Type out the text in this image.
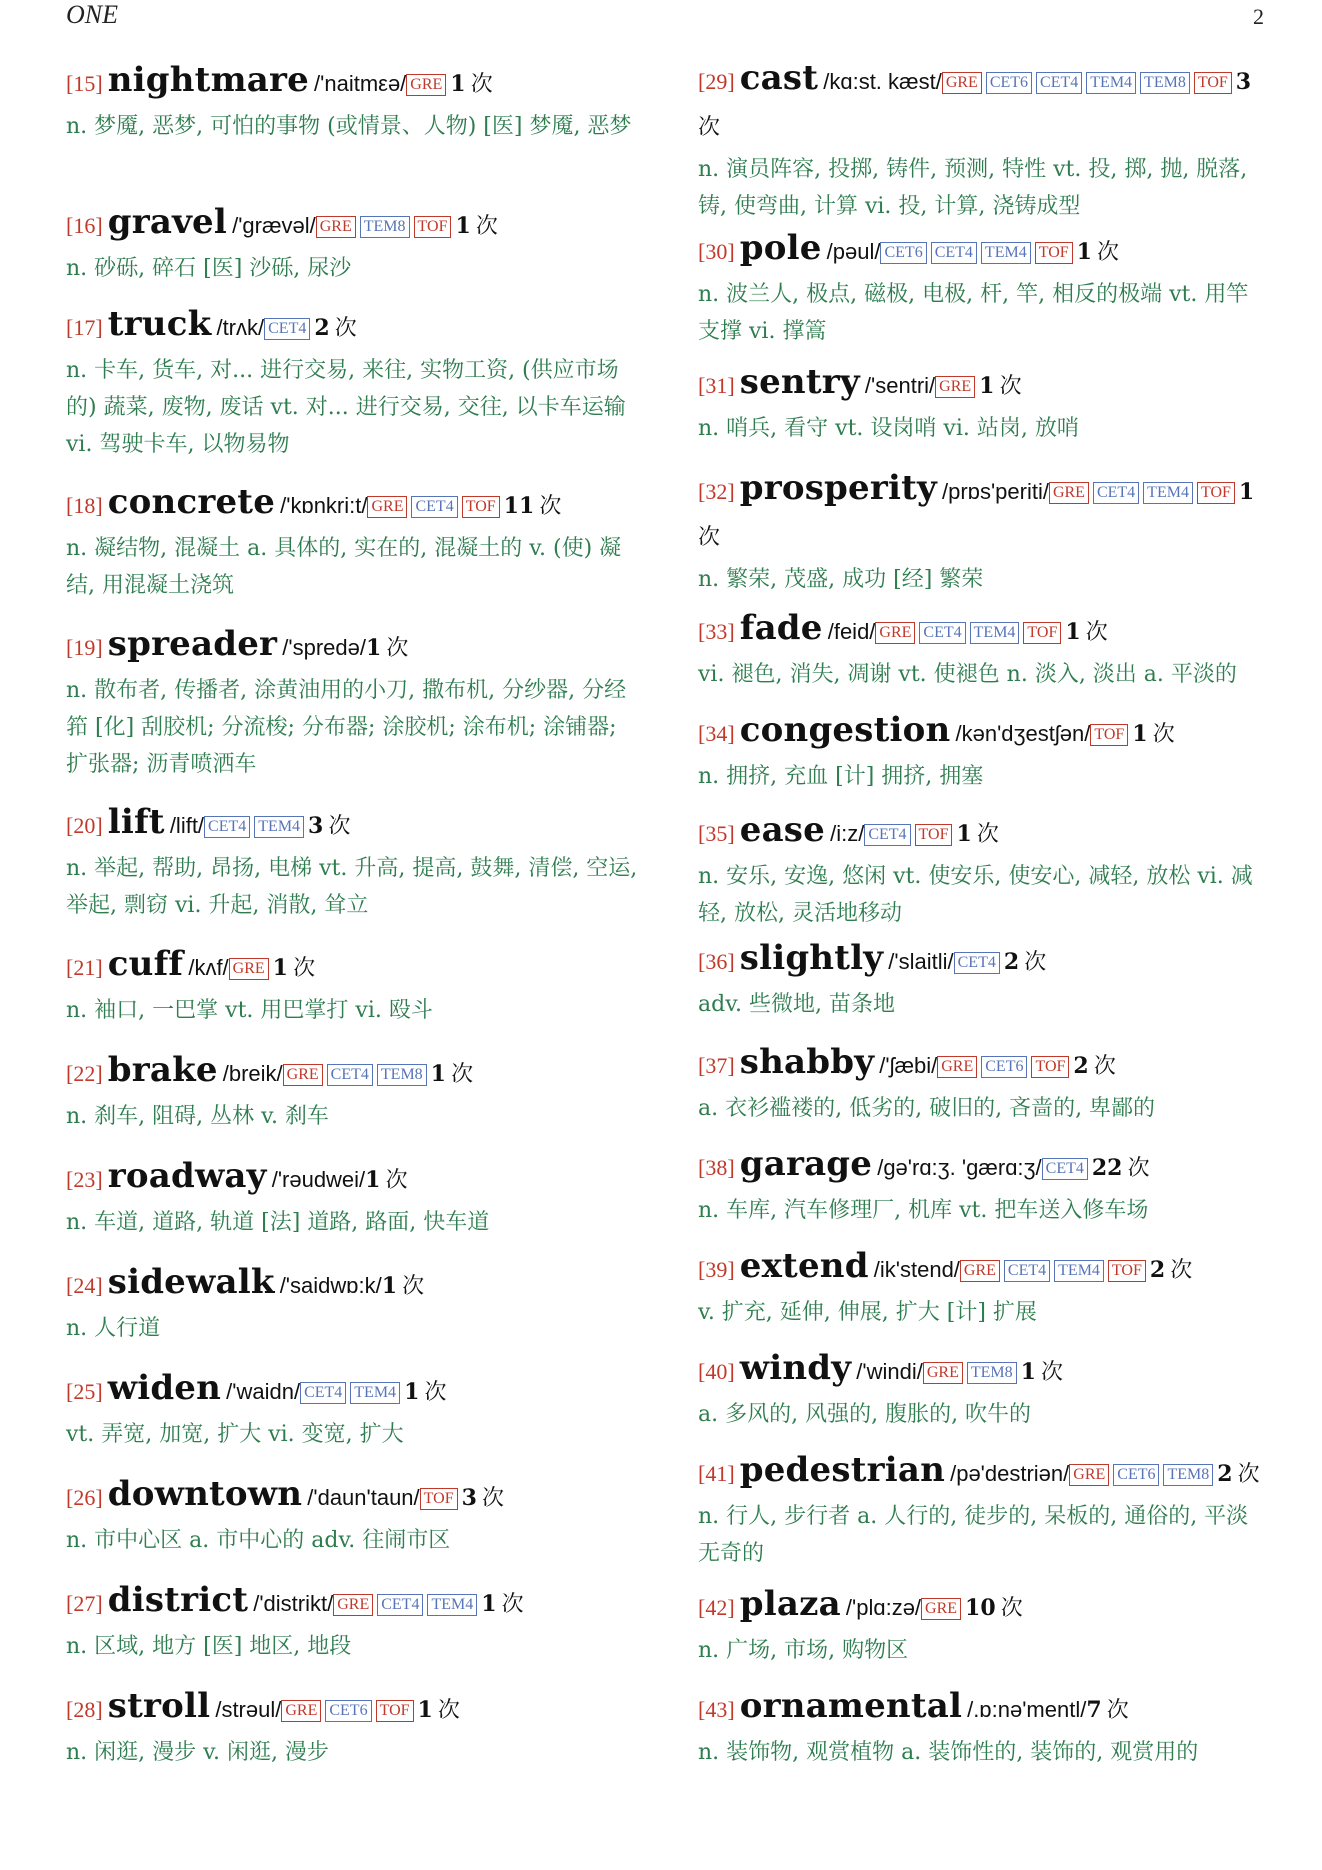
ONE	2
[15] nightmare /'naitmεə/ GRE 1 次
n. 梦魇, 恶梦, 可怕的事物 (或情景、人物) [医] 梦魇, 恶梦
[16] gravel /'grævəl/ GRE TEM8 TOF 1 次
n. 砂砾, 碎石 [医] 沙砾, 尿沙
[17] truck /trʌk/ CET4 2 次
n. 卡车, 货车, 对... 进行交易, 来往, 实物工资, (供应市场的) 蔬菜, 废物, 废话 vt. 对... 进行交易, 交往, 以卡车运输 vi. 驾驶卡车, 以物易物
[18] concrete /'kɒnkri:t/ GRE CET4 TOF 11 次
n. 凝结物, 混凝土 a. 具体的, 实在的, 混凝土的 v. (使) 凝结, 用混凝土浇筑
[19] spreader /'spredə/1 次
n. 散布者, 传播者, 涂黄油用的小刀, 撒布机, 分纱器, 分经筘 [化] 刮胶机; 分流梭; 分布器; 涂胶机; 涂布机; 涂铺器; 扩张器; 沥青喷洒车
[20] lift /lift/ CET4 TEM4 3 次
n. 举起, 帮助, 昂扬, 电梯 vt. 升高, 提高, 鼓舞, 清偿, 空运, 举起, 剽窃 vi. 升起, 消散, 耸立
[21] cuff /kʌf/ GRE 1 次
n. 袖口, 一巴掌 vt. 用巴掌打 vi. 殴斗
[22] brake /breik/ GRE CET4 TEM8 1 次
n. 刹车, 阻碍, 丛林 v. 刹车
[23] roadway /'rəudwei/1 次
n. 车道, 道路, 轨道 [法] 道路, 路面, 快车道
[24] sidewalk /'saidwɒ:k/1 次
n. 人行道
[25] widen /'waidn/ CET4 TEM4 1 次
vt. 弄宽, 加宽, 扩大 vi. 变宽, 扩大
[26] downtown /'daun'taun/ TOF 3 次
n. 市中心区 a. 市中心的 adv. 往闹市区
[27] district /'distrikt/ GRE CET4 TEM4 1 次
n. 区域, 地方 [医] 地区, 地段
[28] stroll /strəul/ GRE CET6 TOF 1 次
n. 闲逛, 漫步 v. 闲逛, 漫步
[29] cast /kɑ:st. kæst/ GRE CET6 CET4 TEM4 TEM8 TOF 3 次
n. 演员阵容, 投掷, 铸件, 预测, 特性 vt. 投, 掷, 抛, 脱落, 铸, 使弯曲, 计算 vi. 投, 计算, 浇铸成型
[30] pole /pəul/ CET6 CET4 TEM4 TOF 1 次
n. 波兰人, 极点, 磁极, 电极, 杆, 竿, 相反的极端 vt. 用竿支撑 vi. 撑篙
[31] sentry /'sentri/ GRE 1 次
n. 哨兵, 看守 vt. 设岗哨 vi. 站岗, 放哨
[32] prosperity /prɒs'periti/ GRE CET4 TEM4 TOF 1 次
n. 繁荣, 茂盛, 成功 [经] 繁荣
[33] fade /feid/ GRE CET4 TEM4 TOF 1 次
vi. 褪色, 消失, 凋谢 vt. 使褪色 n. 淡入, 淡出 a. 平淡的
[34] congestion /kən'dʒestʃən/ TOF 1 次
n. 拥挤, 充血 [计] 拥挤, 拥塞
[35] ease /i:z/ CET4 TOF 1 次
n. 安乐, 安逸, 悠闲 vt. 使安乐, 使安心, 减轻, 放松 vi. 减轻, 放松, 灵活地移动
[36] slightly /'slaitli/ CET4 2 次
adv. 些微地, 苗条地
[37] shabby /'ʃæbi/ GRE CET6 TOF 2 次
a. 衣衫褴褛的, 低劣的, 破旧的, 吝啬的, 卑鄙的
[38] garage /gə'rɑ:ʒ. 'gærɑ:ʒ/ CET4 22 次
n. 车库, 汽车修理厂, 机库 vt. 把车送入修车场
[39] extend /ik'stend/ GRE CET4 TEM4 TOF 2 次
v. 扩充, 延伸, 伸展, 扩大 [计] 扩展
[40] windy /'windi/ GRE TEM8 1 次
a. 多风的, 风强的, 腹胀的, 吹牛的
[41] pedestrian /pə'destriən/ GRE CET6 TEM8 2 次
n. 行人, 步行者 a. 人行的, 徒步的, 呆板的, 通俗的, 平淡无奇的
[42] plaza /'plɑ:zə/ GRE 10 次
n. 广场, 市场, 购物区
[43] ornamental /.ɒ:nə'mentl/7 次
n. 装饰物, 观赏植物 a. 装饰性的, 装饰的, 观赏用的
